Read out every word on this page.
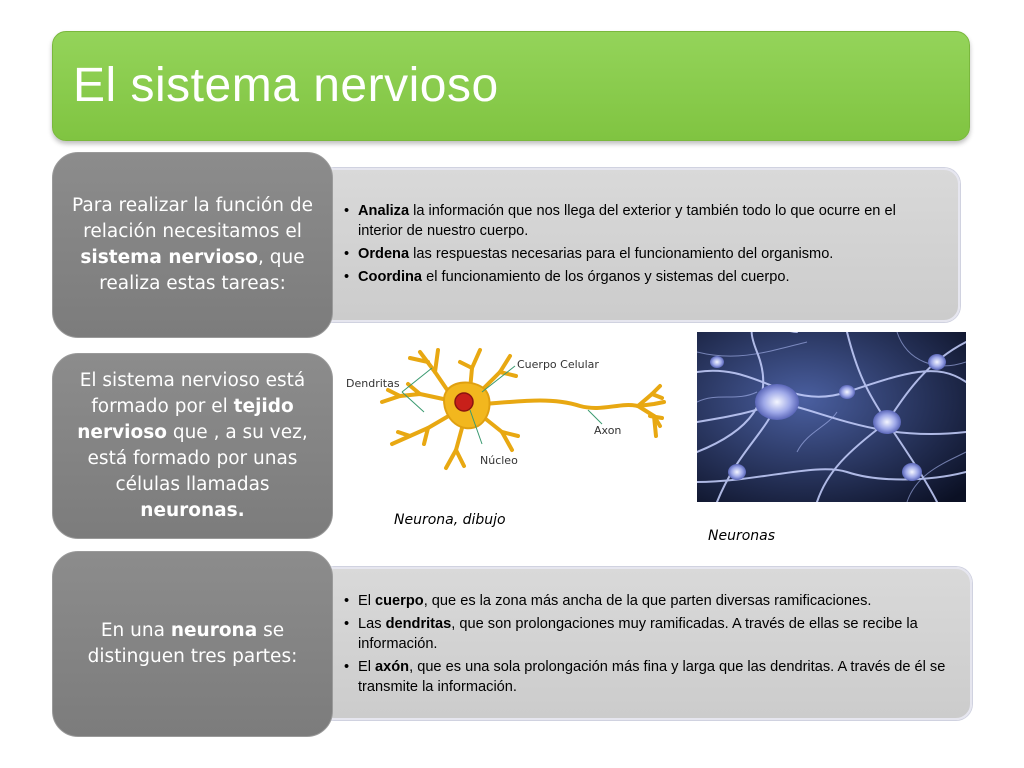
El sistema nervioso
• Analiza la información que nos llega del exterior y también todo lo que ocurre en el interior de nuestro cuerpo.
• Ordena las respuestas necesarias para el funcionamiento del organismo.
• Coordina el funcionamiento de los órganos y sistemas del cuerpo.
Para realizar la función de relación necesitamos el sistema nervioso, que realiza estas tareas:
El sistema nervioso está formado por el tejido nervioso que , a su vez, está formado por unas células llamadas neuronas.
Dendritas
Cuerpo Celular
Axon
Núcleo
Neurona, dibujo
Neuronas
• El cuerpo, que es la zona más ancha de la que parten diversas ramificaciones.
• Las dendritas, que son prolongaciones muy ramificadas. A través de ellas se recibe la información.
• El axón, que es una sola prolongación más fina y larga que las dendritas. A través de él se transmite la información.
En una neurona se distinguen tres partes:
